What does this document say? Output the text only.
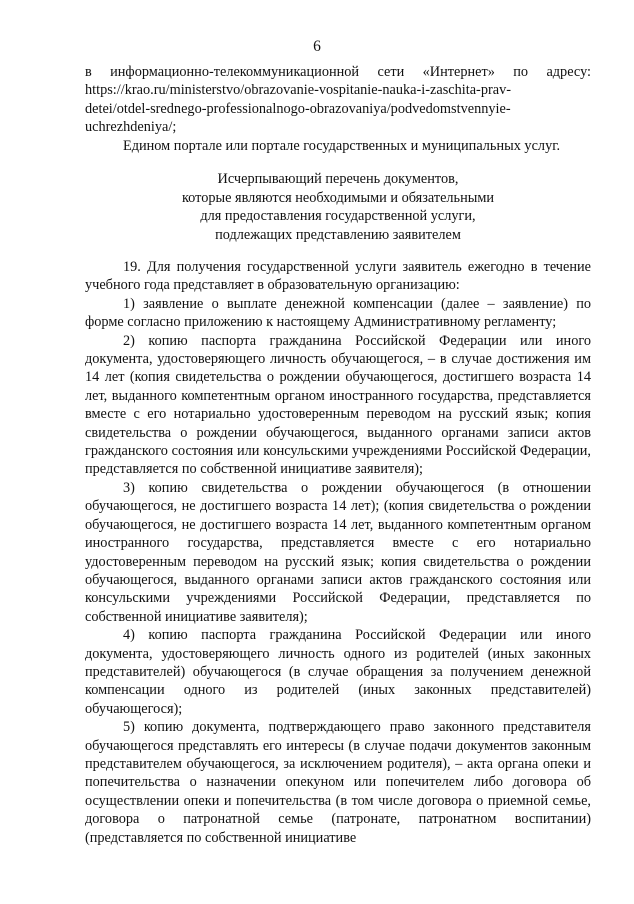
6

в информационно-телекоммуникационной сети «Интернет» по адресу:

https://krao.ru/ministerstvo/obrazovanie-vospitanie-nauka-i-zaschita-prav-
detei/otdel-srednego-professionalnogo-obrazovaniya/podvedomstvennyie-
uchrezhdeniya/;

Едином портале или портале государственных и муниципальных услуг.

Исчерпывающий перечень документов,
которые являются необходимыми и обязательными
для предоставления государственной услуги,
подлежащих представлению заявителем

19. Для получения государственной услуги заявитель ежегодно в течение учебного года представляет в образовательную организацию:

1) заявление о выплате денежной компенсации (далее – заявление) по форме согласно приложению к настоящему Административному регламенту;

2) копию паспорта гражданина Российской Федерации или иного документа, удостоверяющего личность обучающегося, – в случае достижения им 14 лет (копия свидетельства о рождении обучающегося, достигшего возраста 14 лет, выданного компетентным органом иностранного государства, представляется вместе с его нотариально удостоверенным переводом на русский язык; копия свидетельства о рождении обучающегося, выданного органами записи актов гражданского состояния или консульскими учреждениями Российской Федерации, представляется по собственной инициативе заявителя);

3) копию свидетельства о рождении обучающегося (в отношении обучающегося, не достигшего возраста 14 лет); (копия свидетельства о рождении обучающегося, не достигшего возраста 14 лет, выданного компетентным органом иностранного государства, представляется вместе с его нотариально удостоверенным переводом на русский язык; копия свидетельства о рождении обучающегося, выданного органами записи актов гражданского состояния или консульскими учреждениями Российской Федерации, представляется по собственной инициативе заявителя);

4) копию паспорта гражданина Российской Федерации или иного документа, удостоверяющего личность одного из родителей (иных законных представителей) обучающегося (в случае обращения за получением денежной компенсации одного из родителей (иных законных представителей) обучающегося);

5) копию документа, подтверждающего право законного представителя обучающегося представлять его интересы (в случае подачи документов законным представителем обучающегося, за исключением родителя), – акта органа опеки и попечительства о назначении опекуном или попечителем либо договора об осуществлении опеки и попечительства (в том числе договора о приемной семье, договора о патронатной семье (патронате, патронатном воспитании) (представляется по собственной инициативе
